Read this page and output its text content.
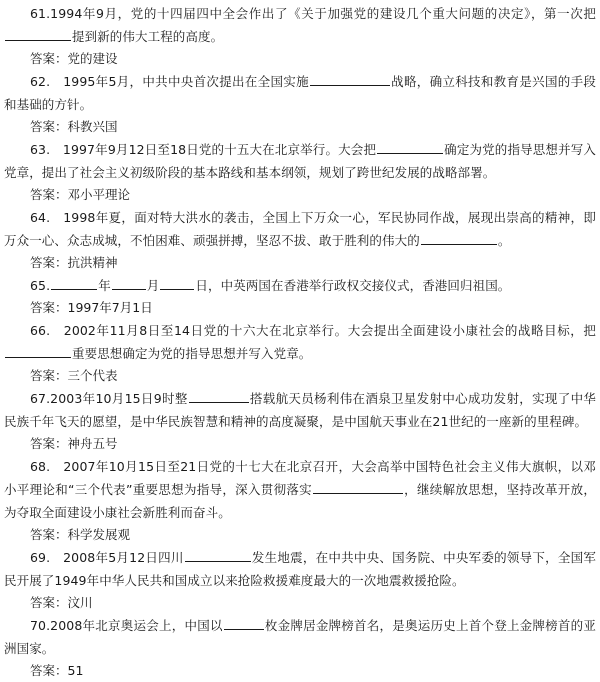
61.1994年9月，党的十四届四中全会作出了《关于加强党的建设几个重大问题的决定》，第一次把提到新的伟大工程的高度。

答案：党的建设

62.　1995年5月，中共中央首次提出在全国实施	战略，确立科技和教育是兴国的手段和基础的方针。

答案：科教兴国

63.　1997年9月12日至18日党的十五大在北京举行。大会把	确定为党的指导思想并写入党章，提出了社会主义初级阶段的基本路线和基本纲领，规划了跨世纪发展的战略部署。

答案：邓小平理论

64.　1998年夏，面对特大洪水的袭击，全国上下万众一心，军民协同作战，展现出崇高的精神，即万众一心、众志成城，不怕困难、顽强拼搏，坚忍不拔、敢于胜利的伟大的	。

答案：抗洪精神

65.	年	月	日，中英两国在香港举行政权交接仪式，香港回归祖国。

答案：1997年7月1日

66.　2002年11月8日至14日党的十六大在北京举行。大会提出全面建设小康社会的战略目标，把重要思想确定为党的指导思想并写入党章。

答案：三个代表

67.2003年10月15日9时整	搭载航天员杨利伟在酒泉卫星发射中心成功发射，实现了中华民族千年飞天的愿望，是中华民族智慧和精神的高度凝聚，是中国航天事业在21世纪的一座新的里程碑。

答案：神舟五号

68.　2007年10月15日至21日党的十七大在北京召开，大会高举中国特色社会主义伟大旗帜，以邓小平理论和“三个代表”重要思想为指导，深入贯彻落实	，继续解放思想，坚持改革开放，为夺取全面建设小康社会新胜利而奋斗。

答案：科学发展观

69.　2008年5月12日四川	发生地震，在中共中央、国务院、中央军委的领导下，全国军民开展了1949年中华人民共和国成立以来抢险救援难度最大的一次地震救援抢险。

答案：汶川

70.2008年北京奥运会上，中国以	枚金牌居金牌榜首名，是奥运历史上首个登上金牌榜首的亚洲国家。

答案：51
